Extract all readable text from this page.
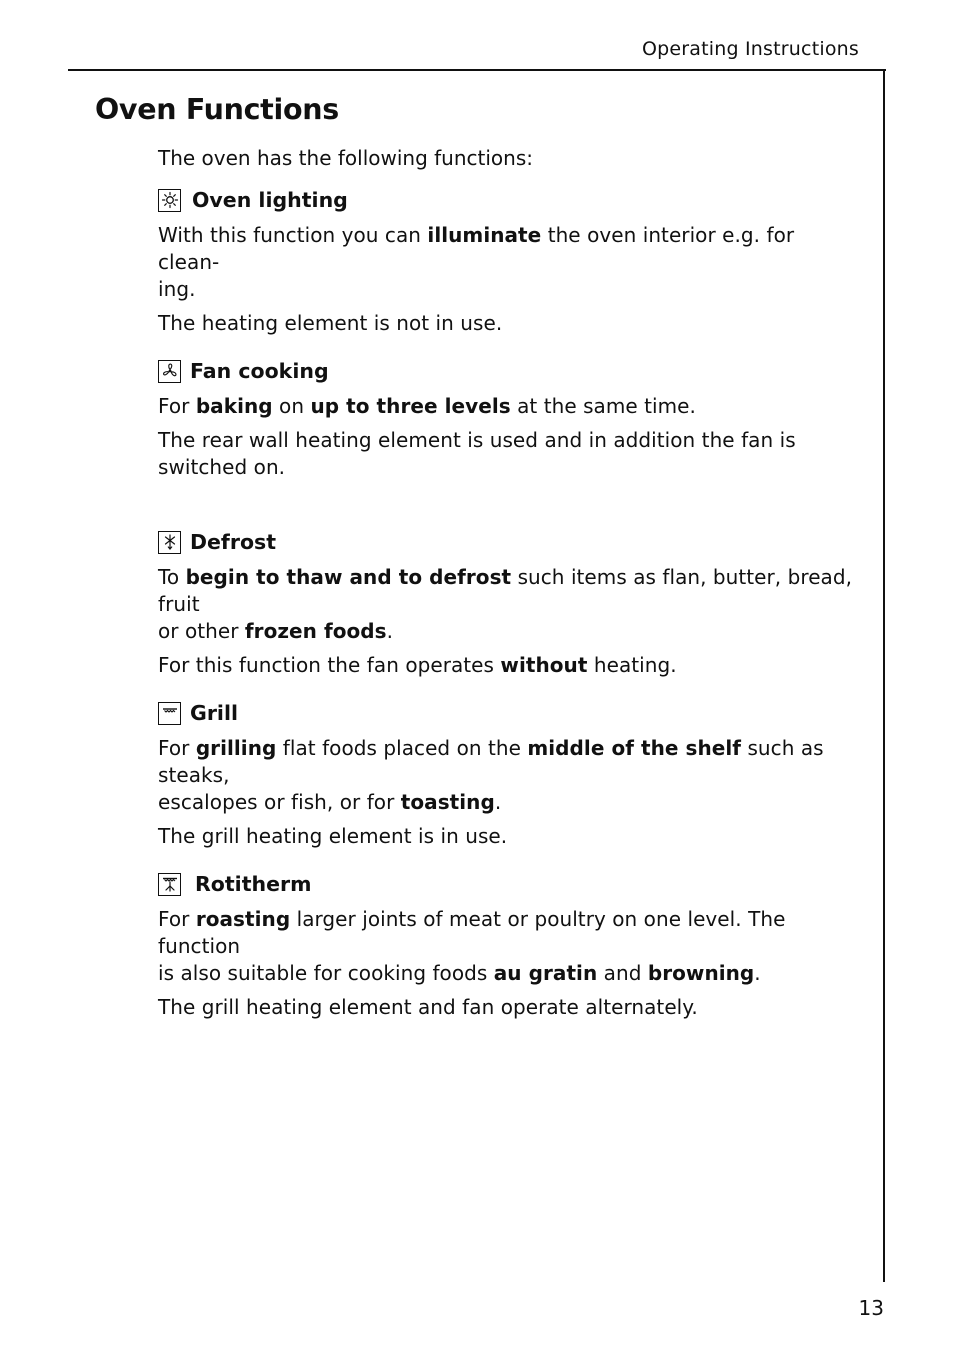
Operating Instructions
Oven Functions
The oven has the following functions:
Oven lighting

With this function you can illuminate the oven interior e.g. for clean-
ing.

The heating element is not in use.

Fan cooking

For baking on up to three levels at the same time.

The rear wall heating element is used and in addition the fan is
switched on.

Defrost

To begin to thaw and to defrost such items as flan, butter, bread, fruit
or other frozen foods.

For this function the fan operates without heating.

Grill

For grilling flat foods placed on the middle of the shelf such as steaks,
escalopes or fish, or for toasting.

The grill heating element is in use.

Rotitherm

For roasting larger joints of meat or poultry on one level. The function
is also suitable for cooking foods au gratin and browning.

The grill heating element and fan operate alternately.

13
